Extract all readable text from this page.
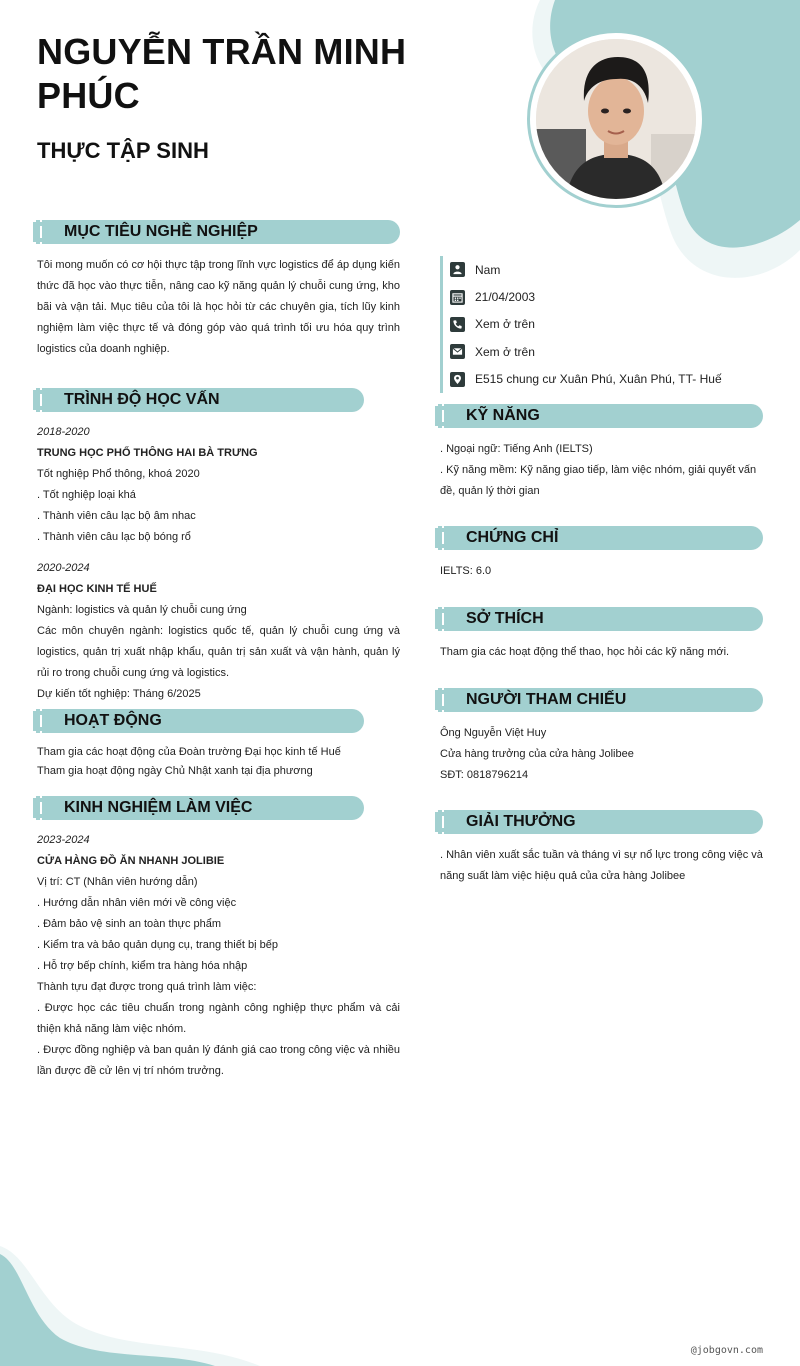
NGUYỄN TRẦN MINH PHÚC
THỰC TẬP SINH
MỤC TIÊU NGHỀ NGHIỆP

Tôi mong muốn có cơ hội thực tập trong lĩnh vực logistics để áp dụng kiến thức đã học vào thực tiễn, nâng cao kỹ năng quản lý chuỗi cung ứng, kho bãi và vận tải. Mục tiêu của tôi là học hỏi từ các chuyên gia, tích lũy kinh nghiệm làm việc thực tế và đóng góp vào quá trình tối ưu hóa quy trình logistics của doanh nghiệp.

TRÌNH ĐỘ HỌC VẤN

2018-2020

TRUNG HỌC PHỔ THÔNG HAI BÀ TRƯNG

Tốt nghiệp Phổ thông, khoá 2020

. Tốt nghiệp loại khá

. Thành viên câu lạc bộ âm nhac

. Thành viên câu lạc bộ bóng rổ

2020-2024

ĐẠI HỌC KINH TẾ HUẾ

Ngành: logistics và quản lý chuỗi cung ứng

Các môn chuyên ngành: logistics quốc tế, quản lý chuỗi cung ứng và logistics, quản trị xuất nhập khẩu, quản trị sản xuất và vận hành, quản lý rủi ro trong chuỗi cung ứng và logistics.

Dự kiến tốt nghiệp: Tháng 6/2025

HOẠT ĐỘNG

Tham gia các hoạt động của Đoàn trường Đại học kinh tế Huế

Tham gia hoạt động ngày Chủ Nhật xanh tại địa phương

KINH NGHIỆM LÀM VIỆC

2023-2024

CỬA HÀNG ĐỒ ĂN NHANH JOLIBIE

Vị trí: CT (Nhân viên hướng dẫn)

. Hướng dẫn nhân viên mới về công việc

. Đảm bảo vệ sinh an toàn thực phẩm

. Kiểm tra và bảo quản dụng cụ, trang thiết bị bếp

. Hỗ trợ bếp chính, kiểm tra hàng hóa nhập

Thành tựu đạt được trong quá trình làm việc:

. Được học các tiêu chuẩn trong ngành công nghiệp thực phẩm và cải thiện khả năng làm việc nhóm.

. Được đồng nghiệp và ban quản lý đánh giá cao trong công việc và nhiều lần được đề cử lên vị trí nhóm trưởng.

Nam
21/04/2003
Xem ở trên
Xem ở trên
E515 chung cư Xuân Phú, Xuân Phú, TT- Huế
KỸ NĂNG

. Ngoại ngữ: Tiếng Anh (IELTS)

. Kỹ năng mềm: Kỹ năng giao tiếp, làm việc nhóm, giải quyết vấn đề, quản lý thời gian

CHỨNG CHỈ

IELTS: 6.0

SỞ THÍCH

Tham gia các hoạt động thể thao, học hỏi các kỹ năng mới.

NGƯỜI THAM CHIẾU

Ông Nguyễn Việt Huy

Cửa hàng trưởng của cửa hàng Jolibee

SĐT: 0818796214

GIẢI THƯỞNG

. Nhân viên xuất sắc tuần và tháng vì sự nổ lực trong công việc và năng suất làm việc hiệu quả của cửa hàng Jolibee

@jobgovn.com
